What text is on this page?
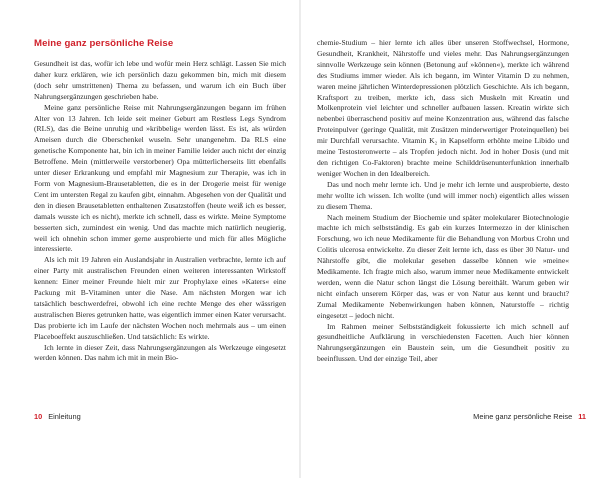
Meine ganz persönliche Reise

Gesundheit ist das, wofür ich lebe und wofür mein Herz schlägt. Lassen Sie mich daher kurz erklären, wie ich persönlich dazu gekommen bin, mich mit diesem (doch sehr umstrittenen) Thema zu befassen, und warum ich ein Buch über Nahrungsergänzungen geschrieben habe.

Meine ganz persönliche Reise mit Nahrungsergänzungen begann im frühen Alter von 13 Jahren. Ich leide seit meiner Geburt am Restless Legs Syndrom (RLS), das die Beine unruhig und »kribbelig« werden lässt. Es ist, als würden Ameisen durch die Oberschenkel wuseln. Sehr unangenehm. Da RLS eine genetische Komponente hat, bin ich in meiner Familie leider auch nicht der einzig Betroffene. Mein (mittlerweile verstorbener) Opa mütterlicherseits litt ebenfalls unter dieser Erkrankung und empfahl mir Magnesium zur Therapie, was ich in Form von Magnesium-Brausetabletten, die es in der Drogerie meist für wenige Cent im untersten Regal zu kaufen gibt, einnahm. Abgesehen von der Qualität und den in diesen Brausetabletten enthaltenen Zusatzstoffen (heute weiß ich es besser, damals wusste ich es nicht), merkte ich schnell, dass es wirkte. Meine Symptome besserten sich, zumindest ein wenig. Und das machte mich natürlich neugierig, weil ich ohnehin schon immer gerne ausprobierte und mich für alles Mögliche interessierte.

Als ich mit 19 Jahren ein Auslandsjahr in Australien verbrachte, lernte ich auf einer Party mit australischen Freunden einen weiteren interessanten Wirkstoff kennen: Einer meiner Freunde hielt mir zur Prophylaxe eines »Katers« eine Packung mit B-Vitaminen unter die Nase. Am nächsten Morgen war ich tatsächlich beschwerdefrei, obwohl ich eine rechte Menge des eher wässrigen australischen Bieres getrunken hatte, was eigentlich immer einen Kater verursacht. Das probierte ich im Laufe der nächsten Wochen noch mehrmals aus – um einen Placeboeffekt auszuschließen. Und tatsächlich: Es wirkte.

Ich lernte in dieser Zeit, dass Nahrungsergänzungen als Werkzeuge eingesetzt werden können. Das nahm ich mit in mein Bio-

10 Einleitung

chemie-Studium – hier lernte ich alles über unseren Stoffwechsel, Hormone, Gesundheit, Krankheit, Nährstoffe und vieles mehr. Das Nahrungsergänzungen sinnvolle Werkzeuge sein können (Betonung auf »können«), merkte ich während des Studiums immer wieder. Als ich begann, im Winter Vitamin D zu nehmen, waren meine jährlichen Winterdepressionen plötzlich Geschichte. Als ich begann, Kraftsport zu treiben, merkte ich, dass sich Muskeln mit Kreatin und Molkenprotein viel leichter und schneller aufbauen lassen. Kreatin wirkte sich nebenbei überraschend positiv auf meine Konzentration aus, während das falsche Proteinpulver (geringe Qualität, mit Zusätzen minderwertiger Proteinquellen) bei mir Durchfall verursachte. Vitamin K₂ in Kapselform erhöhte meine Libido und meine Testosteronwerte – als Tropfen jedoch nicht. Jod in hoher Dosis (und mit den richtigen Co-Faktoren) brachte meine Schilddrüsenunterfunktion innerhalb weniger Wochen in den Idealbereich.

Das und noch mehr lernte ich. Und je mehr ich lernte und ausprobierte, desto mehr wollte ich wissen. Ich wollte (und will immer noch) eigentlich alles wissen zu diesem Thema.

Nach meinem Studium der Biochemie und später molekularer Biotechnologie machte ich mich selbstständig. Es gab ein kurzes Intermezzo in der klinischen Forschung, wo ich neue Medikamente für die Behandlung von Morbus Crohn und Colitis ulcerosa entwickelte. Zu dieser Zeit lernte ich, dass es über 30 Natur- und Nährstoffe gibt, die molekular gesehen dasselbe können wie »meine« Medikamente. Ich fragte mich also, warum immer neue Medikamente entwickelt werden, wenn die Natur schon längst die Lösung bereithält. Warum geben wir nicht einfach unserem Körper das, was er von Natur aus kennt und braucht? Zumal Medikamente Nebenwirkungen haben können, Naturstoffe – richtig eingesetzt – jedoch nicht.

Im Rahmen meiner Selbstständigkeit fokussierte ich mich schnell auf gesundheitliche Aufklärung in verschiedensten Facetten. Auch hier können Nahrungsergänzungen ein Baustein sein, um die Gesundheit positiv zu beeinflussen. Und der einzige Teil, aber

Meine ganz persönliche Reise 11
